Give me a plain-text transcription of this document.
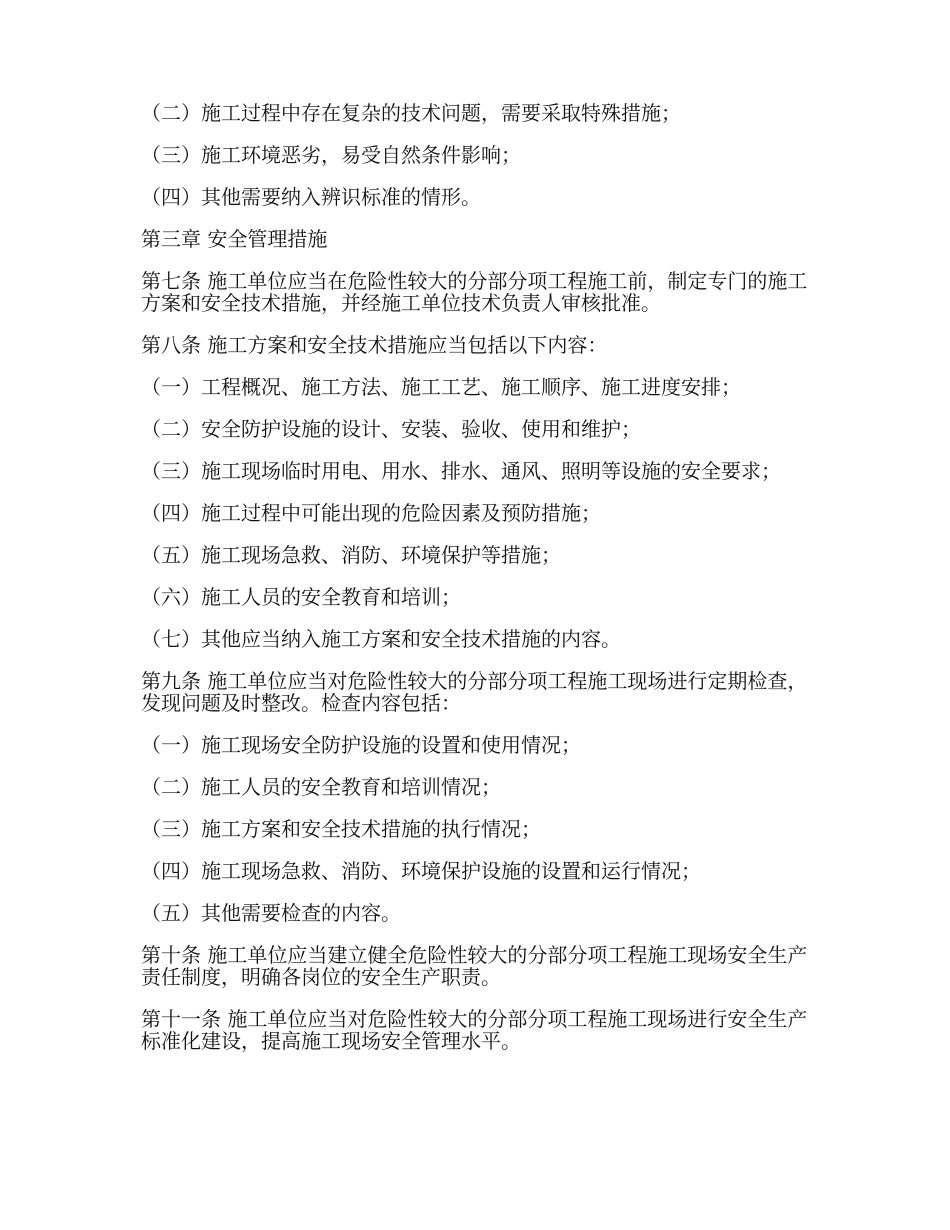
（二）施工过程中存在复杂的技术问题，需要采取特殊措施；

（三）施工环境恶劣，易受自然条件影响；

（四）其他需要纳入辨识标准的情形。

第三章 安全管理措施

第七条 施工单位应当在危险性较大的分部分项工程施工前，制定专门的施工方案和安全技术措施，并经施工单位技术负责人审核批准。

第八条 施工方案和安全技术措施应当包括以下内容：

（一）工程概况、施工方法、施工工艺、施工顺序、施工进度安排；

（二）安全防护设施的设计、安装、验收、使用和维护；

（三）施工现场临时用电、用水、排水、通风、照明等设施的安全要求；

（四）施工过程中可能出现的危险因素及预防措施；

（五）施工现场急救、消防、环境保护等措施；

（六）施工人员的安全教育和培训；

（七）其他应当纳入施工方案和安全技术措施的内容。

第九条 施工单位应当对危险性较大的分部分项工程施工现场进行定期检查，发现问题及时整改。检查内容包括：

（一）施工现场安全防护设施的设置和使用情况；

（二）施工人员的安全教育和培训情况；

（三）施工方案和安全技术措施的执行情况；

（四）施工现场急救、消防、环境保护设施的设置和运行情况；

（五）其他需要检查的内容。

第十条 施工单位应当建立健全危险性较大的分部分项工程施工现场安全生产责任制度，明确各岗位的安全生产职责。

第十一条 施工单位应当对危险性较大的分部分项工程施工现场进行安全生产标准化建设，提高施工现场安全管理水平。
